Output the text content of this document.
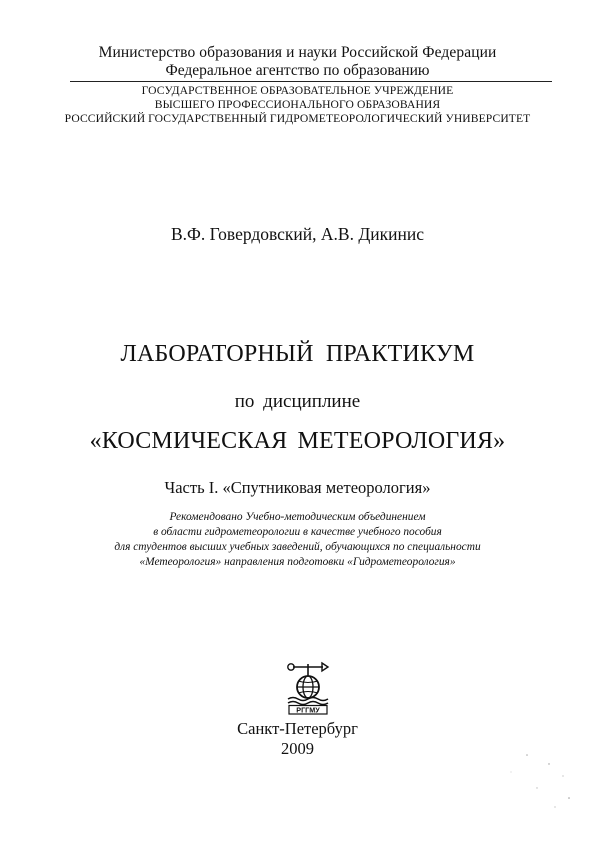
Министерство образования и науки Российской Федерации
Федеральное агентство по образованию
ГОСУДАРСТВЕННОЕ ОБРАЗОВАТЕЛЬНОЕ УЧРЕЖДЕНИЕ
ВЫСШЕГО ПРОФЕССИОНАЛЬНОГО ОБРАЗОВАНИЯ
РОССИЙСКИЙ ГОСУДАРСТВЕННЫЙ ГИДРОМЕТЕОРОЛОГИЧЕСКИЙ УНИВЕРСИТЕТ
В.Ф. Говердовский, А.В. Дикинис
ЛАБОРАТОРНЫЙ ПРАКТИКУМ
по дисциплине
«КОСМИЧЕСКАЯ МЕТЕОРОЛОГИЯ»
Часть I. «Спутниковая метеорология»
Рекомендовано Учебно-методическим объединением
в области гидрометеорологии в качестве учебного пособия
для студентов высших учебных заведений, обучающихся по специальности
«Метеорология» направления подготовки «Гидрометеорология»
РГГМУ
Санкт-Петербург
2009
